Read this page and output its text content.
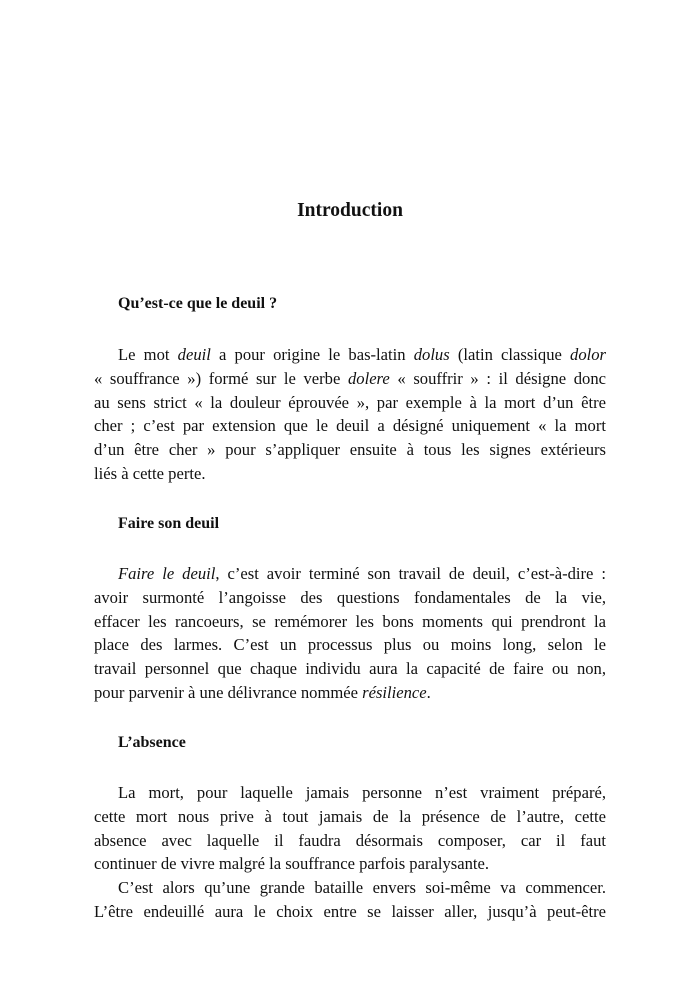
Introduction
Qu’est-ce que le deuil ?
Le mot deuil a pour origine le bas-latin dolus (latin classique dolor
« souffrance ») formé sur le verbe dolere « souffrir » : il désigne donc
au sens strict « la douleur éprouvée », par exemple à la mort d’un être
cher ; c’est par extension que le deuil a désigné uniquement « la mort
d’un être cher » pour s’appliquer ensuite à tous les signes extérieurs
liés à cette perte.
Faire son deuil
Faire le deuil, c’est avoir terminé son travail de deuil, c’est-à-dire :
avoir surmonté l’angoisse des questions fondamentales de la vie,
effacer les rancoeurs, se remémorer les bons moments qui prendront la
place des larmes. C’est un processus plus ou moins long, selon le
travail personnel que chaque individu aura la capacité de faire ou non,
pour parvenir à une délivrance nommée résilience.
L’absence
La mort, pour laquelle jamais personne n’est vraiment préparé,
cette mort nous prive à tout jamais de la présence de l’autre, cette
absence avec laquelle il faudra désormais composer, car il faut
continuer de vivre malgré la souffrance parfois paralysante.
C’est alors qu’une grande bataille envers soi-même va commencer.
L’être endeuillé aura le choix entre se laisser aller, jusqu’à peut-être
